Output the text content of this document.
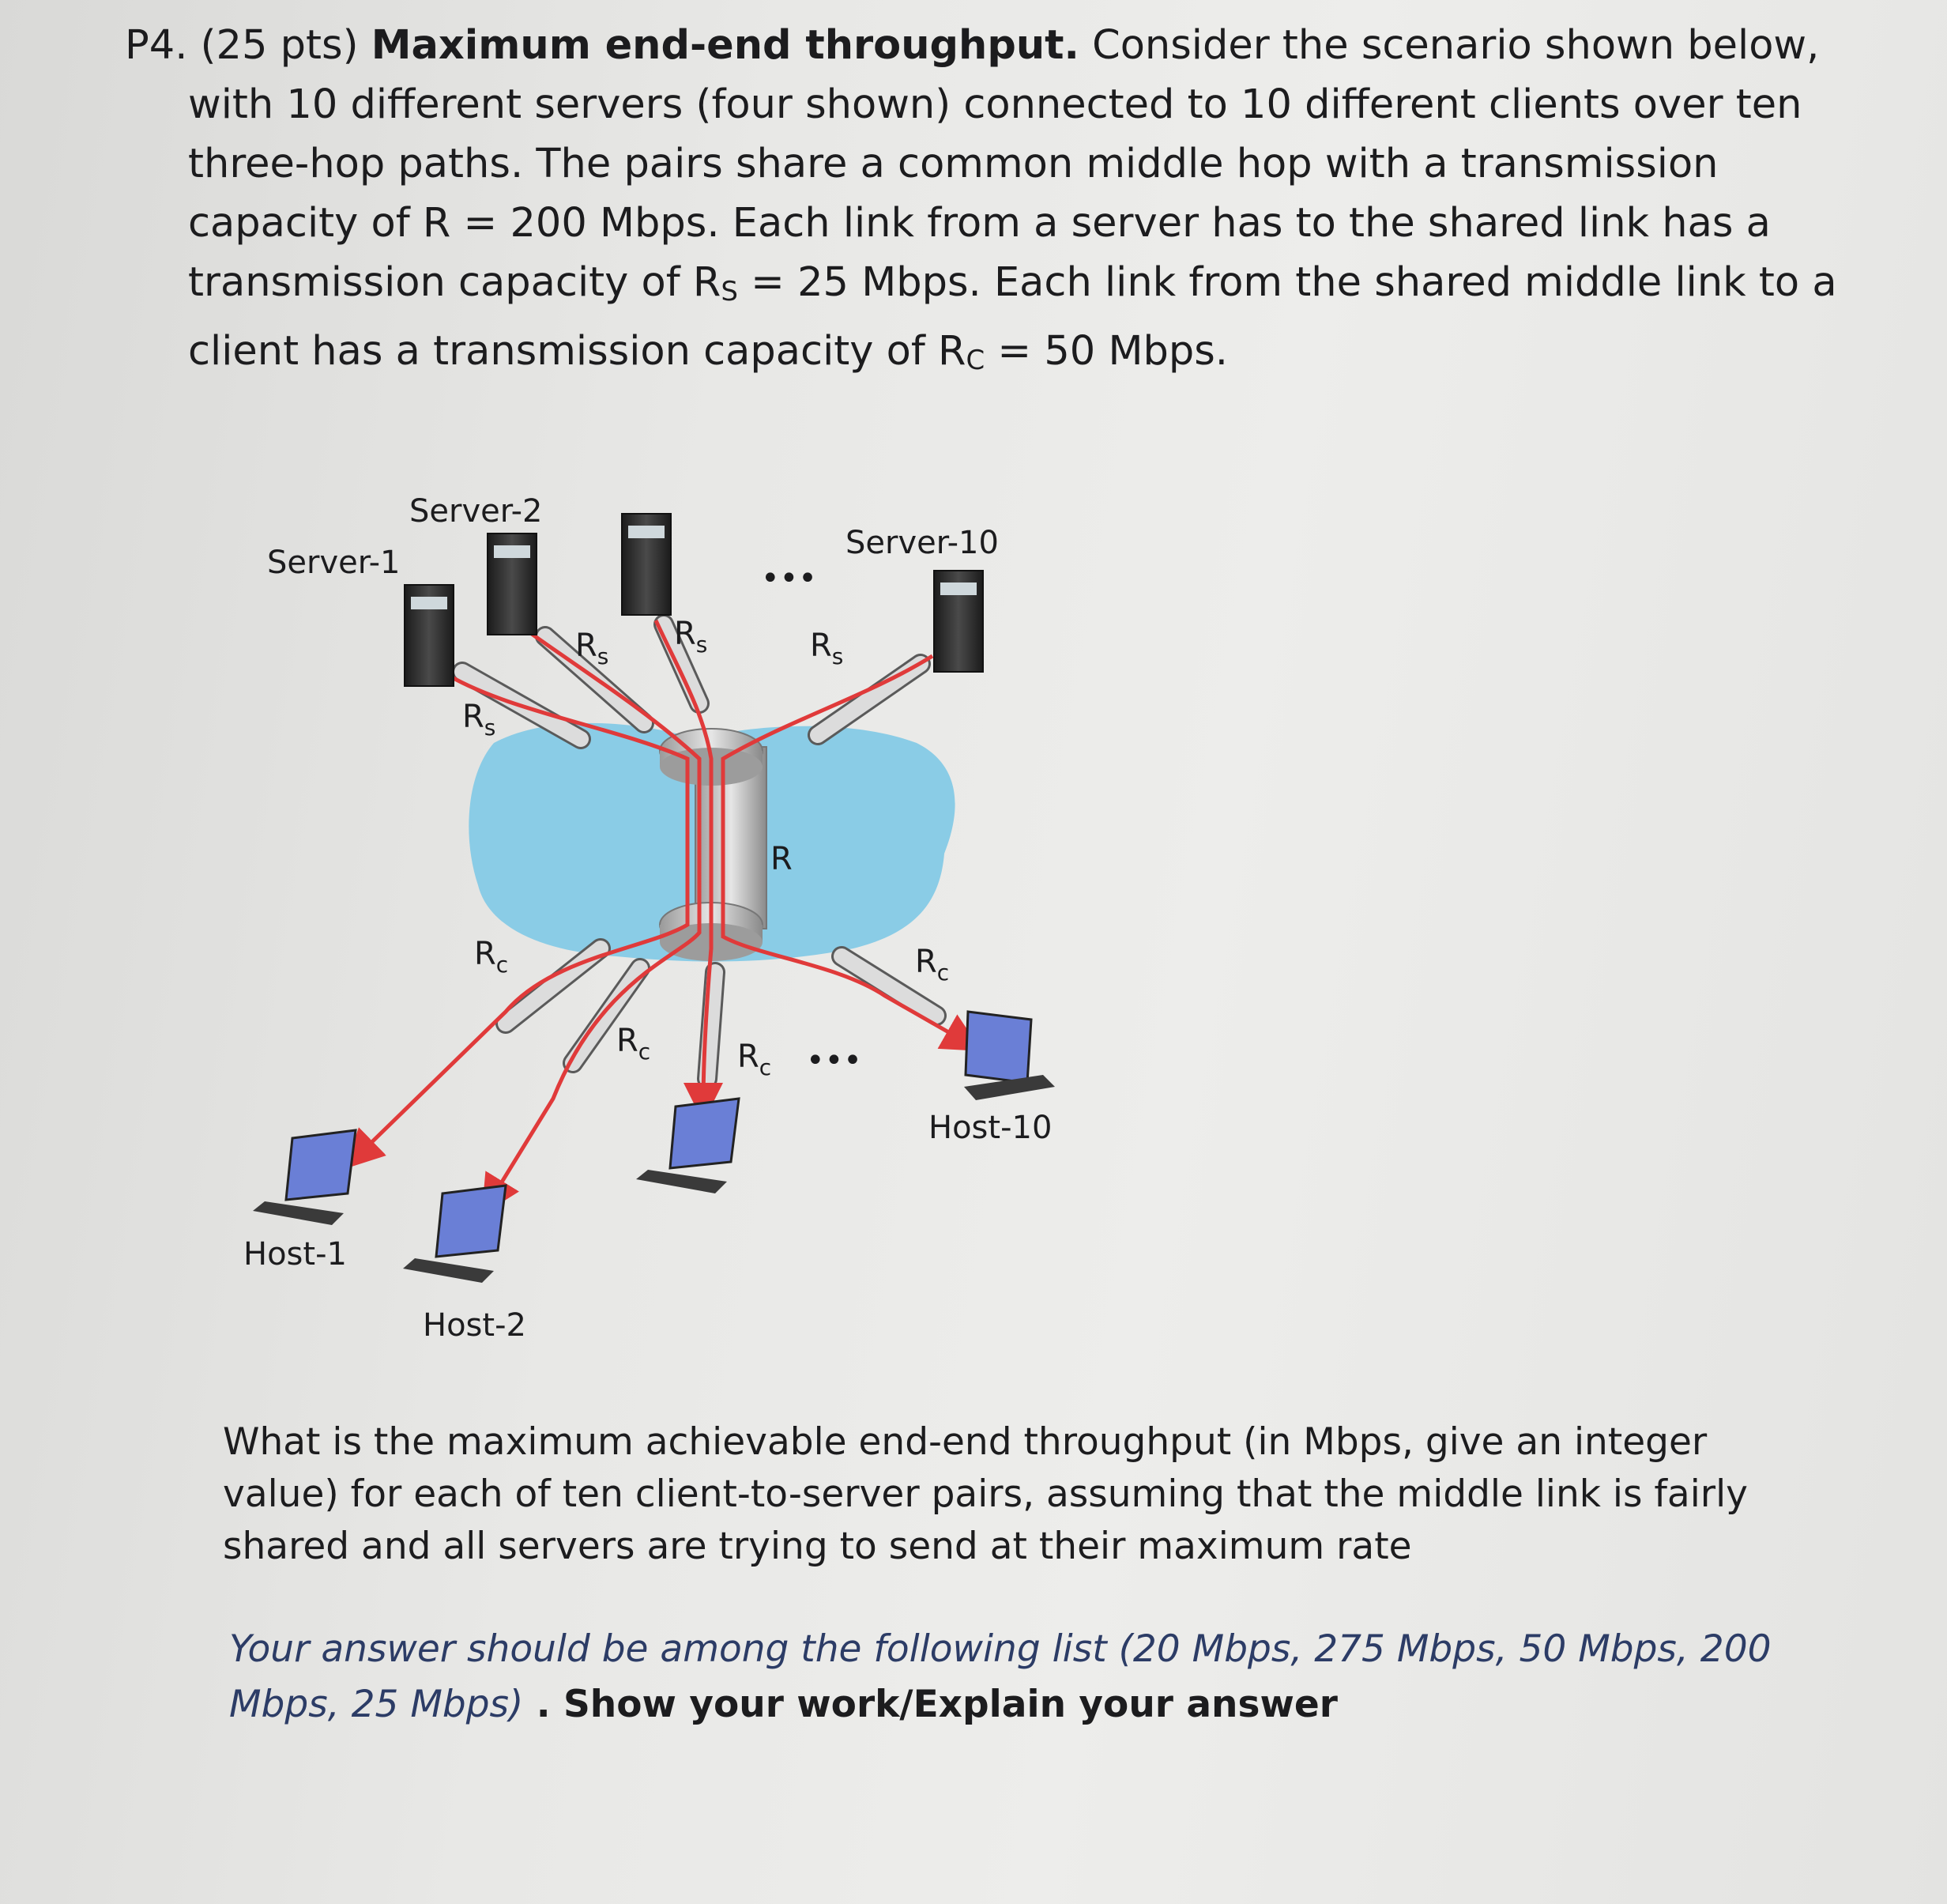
P4. (25 pts) Maximum end-end throughput. Consider the scenario shown below, with 10 different servers (four shown) connected to 10 different clients over ten three-hop paths. The pairs share a common middle hop with a transmission capacity of R = 200 Mbps. Each link from a server has to the shared link has a transmission capacity of RS = 25 Mbps. Each link from the shared middle link to a client has a transmission capacity of RC = 50 Mbps.

Server-1
Server-2
Server-10
•••
$R_s$
$R_s$
$R_s$	$R_s$
R
$R_c$
$R_c$	$R_c$ •••
$R_c$
Host-1
Host-2
Host-10

What is the maximum achievable end-end throughput (in Mbps, give an integer value) for each of ten client-to-server pairs, assuming that the middle link is fairly shared and all servers are trying to send at their maximum rate

Your answer should be among the following list (20 Mbps, 275 Mbps, 50 Mbps, 200 Mbps, 25 Mbps) . Show your work/Explain your answer
